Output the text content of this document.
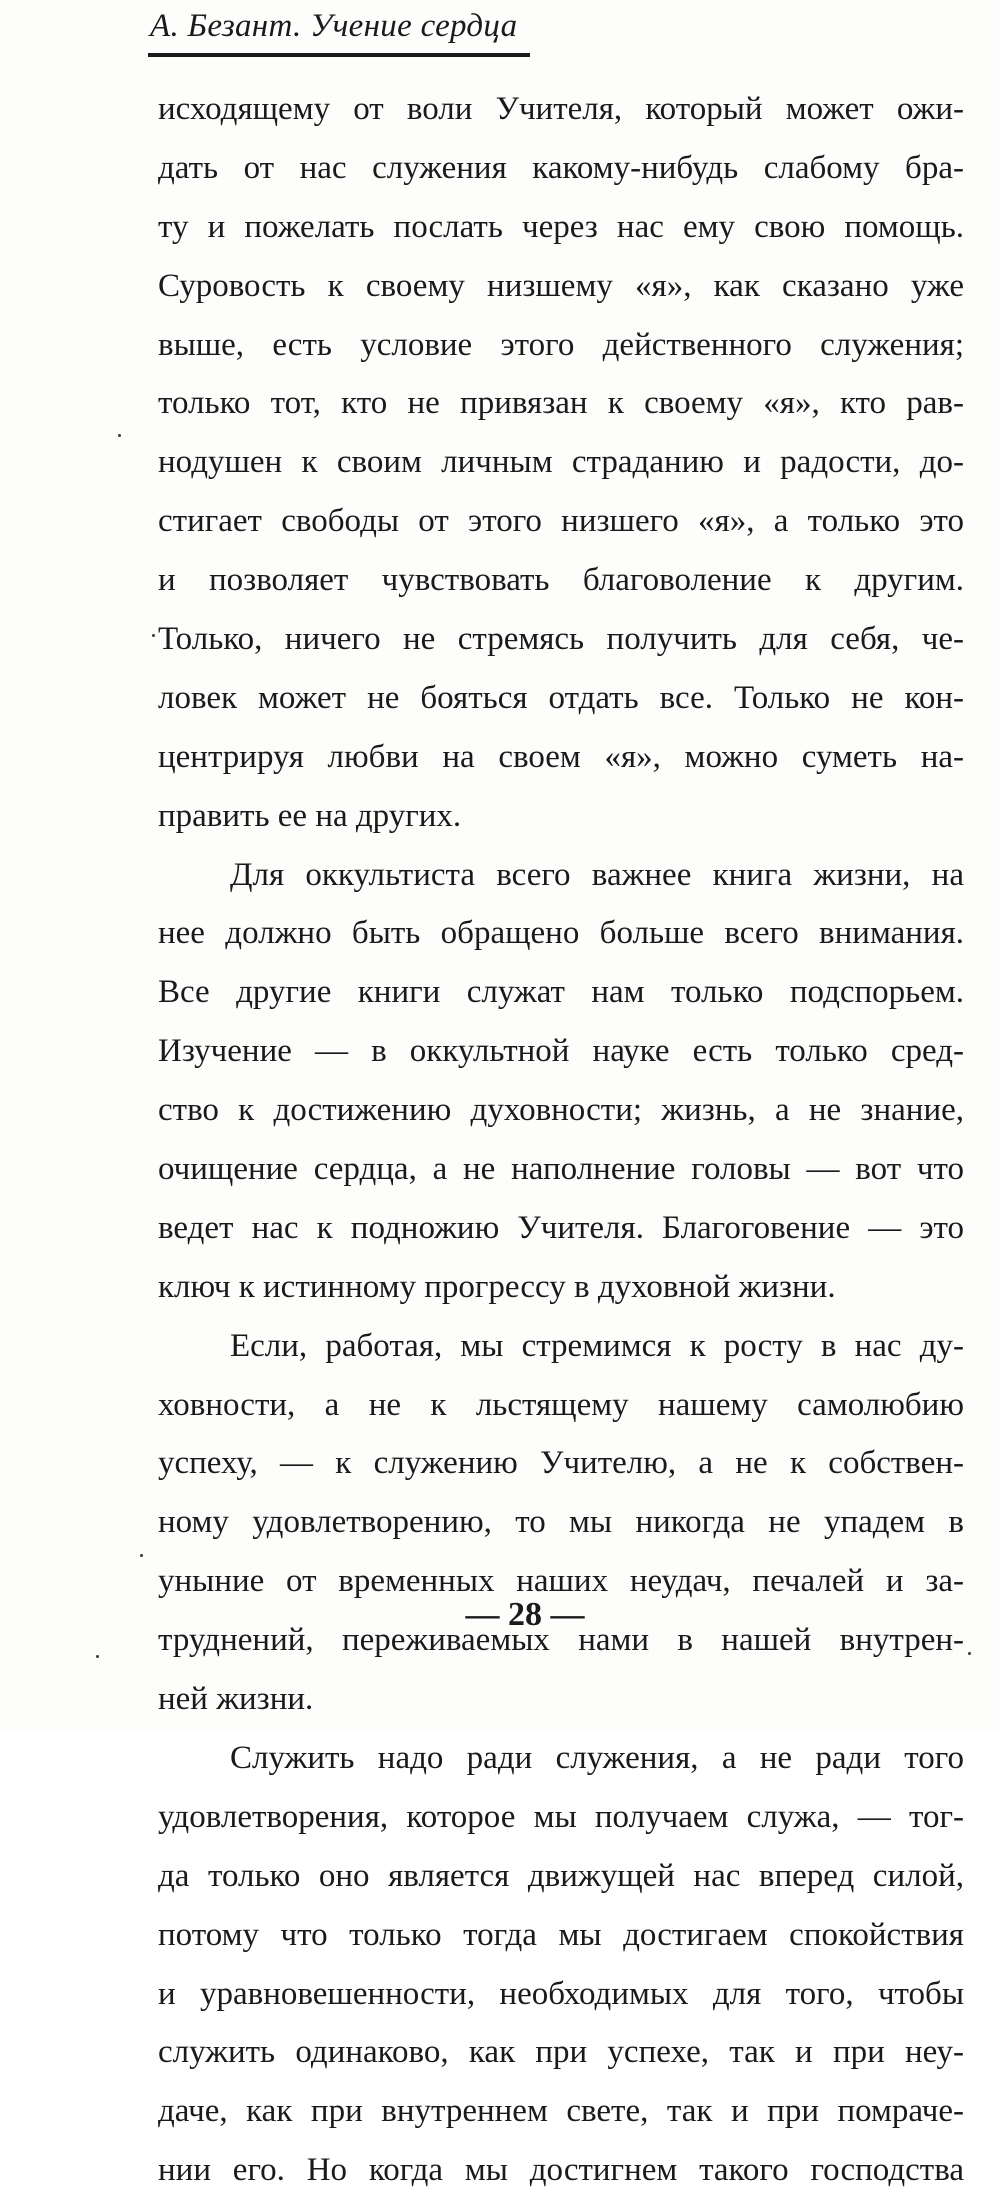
А. Безант. Учение сердца
исходящему от воли Учителя, который может ожи-
дать от нас служения какому-нибудь слабому бра-
ту и пожелать послать через нас ему свою помощь.
Суровость к своему низшему «я», как сказано уже
выше, есть условие этого действенного служения;
только тот, кто не привязан к своему «я», кто рав-
нодушен к своим личным страданию и радости, до-
стигает свободы от этого низшего «я», а только это
и позволяет чувствовать благоволение к другим.
Только, ничего не стремясь получить для себя, че-
ловек может не бояться отдать все. Только не кон-
центрируя любви на своем «я», можно суметь на-
править ее на других.
Для оккультиста всего важнее книга жизни, на
нее должно быть обращено больше всего внимания.
Все другие книги служат нам только подспорьем.
Изучение — в оккультной науке есть только сред-
ство к достижению духовности; жизнь, а не знание,
очищение сердца, а не наполнение головы — вот что
ведет нас к подножию Учителя. Благоговение — это
ключ к истинному прогрессу в духовной жизни.
Если, работая, мы стремимся к росту в нас ду-
ховности, а не к льстящему нашему самолюбию
успеху, — к служению Учителю, а не к собствен-
ному удовлетворению, то мы никогда не упадем в
уныние от временных наших неудач, печалей и за-
труднений, переживаемых нами в нашей внутрен-
ней жизни.
Служить надо ради служения, а не ради того
удовлетворения, которое мы получаем служа, — тог-
да только оно является движущей нас вперед силой,
потому что только тогда мы достигаем спокойствия
и уравновешенности, необходимых для того, чтобы
служить одинаково, как при успехе, так и при неу-
даче, как при внутреннем свете, так и при помраче-
нии его. Но когда мы достигнем такого господства
— 28 —
